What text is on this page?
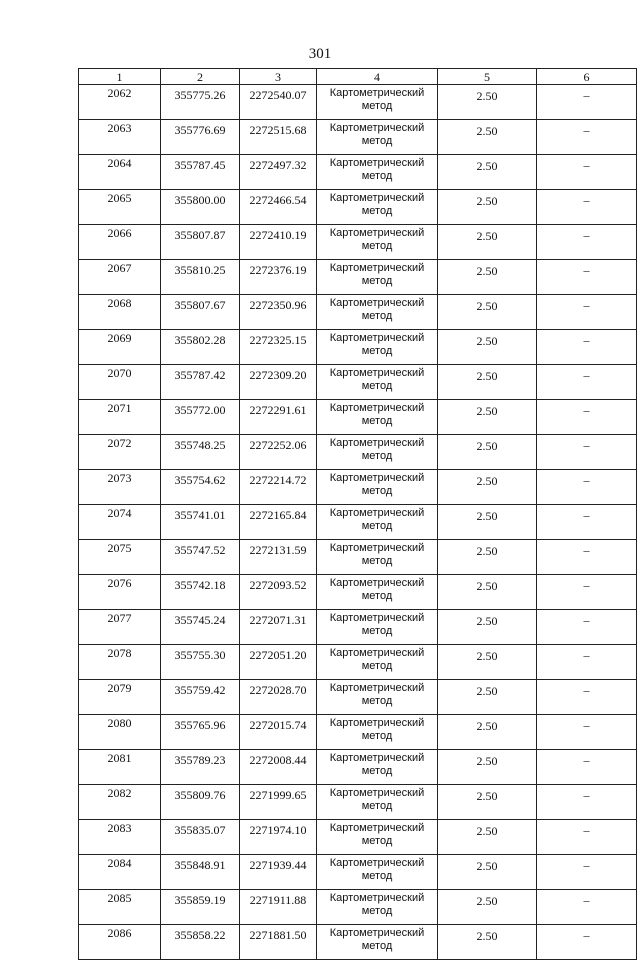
301
1	2	3	4	5	6
2062	355775.26	2272540.07	Картометрический метод	2.50	–
2063	355776.69	2272515.68	Картометрический метод	2.50	–
2064	355787.45	2272497.32	Картометрический метод	2.50	–
2065	355800.00	2272466.54	Картометрический метод	2.50	–
2066	355807.87	2272410.19	Картометрический метод	2.50	–
2067	355810.25	2272376.19	Картометрический метод	2.50	–
2068	355807.67	2272350.96	Картометрический метод	2.50	–
2069	355802.28	2272325.15	Картометрический метод	2.50	–
2070	355787.42	2272309.20	Картометрический метод	2.50	–
2071	355772.00	2272291.61	Картометрический метод	2.50	–
2072	355748.25	2272252.06	Картометрический метод	2.50	–
2073	355754.62	2272214.72	Картометрический метод	2.50	–
2074	355741.01	2272165.84	Картометрический метод	2.50	–
2075	355747.52	2272131.59	Картометрический метод	2.50	–
2076	355742.18	2272093.52	Картометрический метод	2.50	–
2077	355745.24	2272071.31	Картометрический метод	2.50	–
2078	355755.30	2272051.20	Картометрический метод	2.50	–
2079	355759.42	2272028.70	Картометрический метод	2.50	–
2080	355765.96	2272015.74	Картометрический метод	2.50	–
2081	355789.23	2272008.44	Картометрический метод	2.50	–
2082	355809.76	2271999.65	Картометрический метод	2.50	–
2083	355835.07	2271974.10	Картометрический метод	2.50	–
2084	355848.91	2271939.44	Картометрический метод	2.50	–
2085	355859.19	2271911.88	Картометрический метод	2.50	–
2086	355858.22	2271881.50	Картометрический метод	2.50	–
